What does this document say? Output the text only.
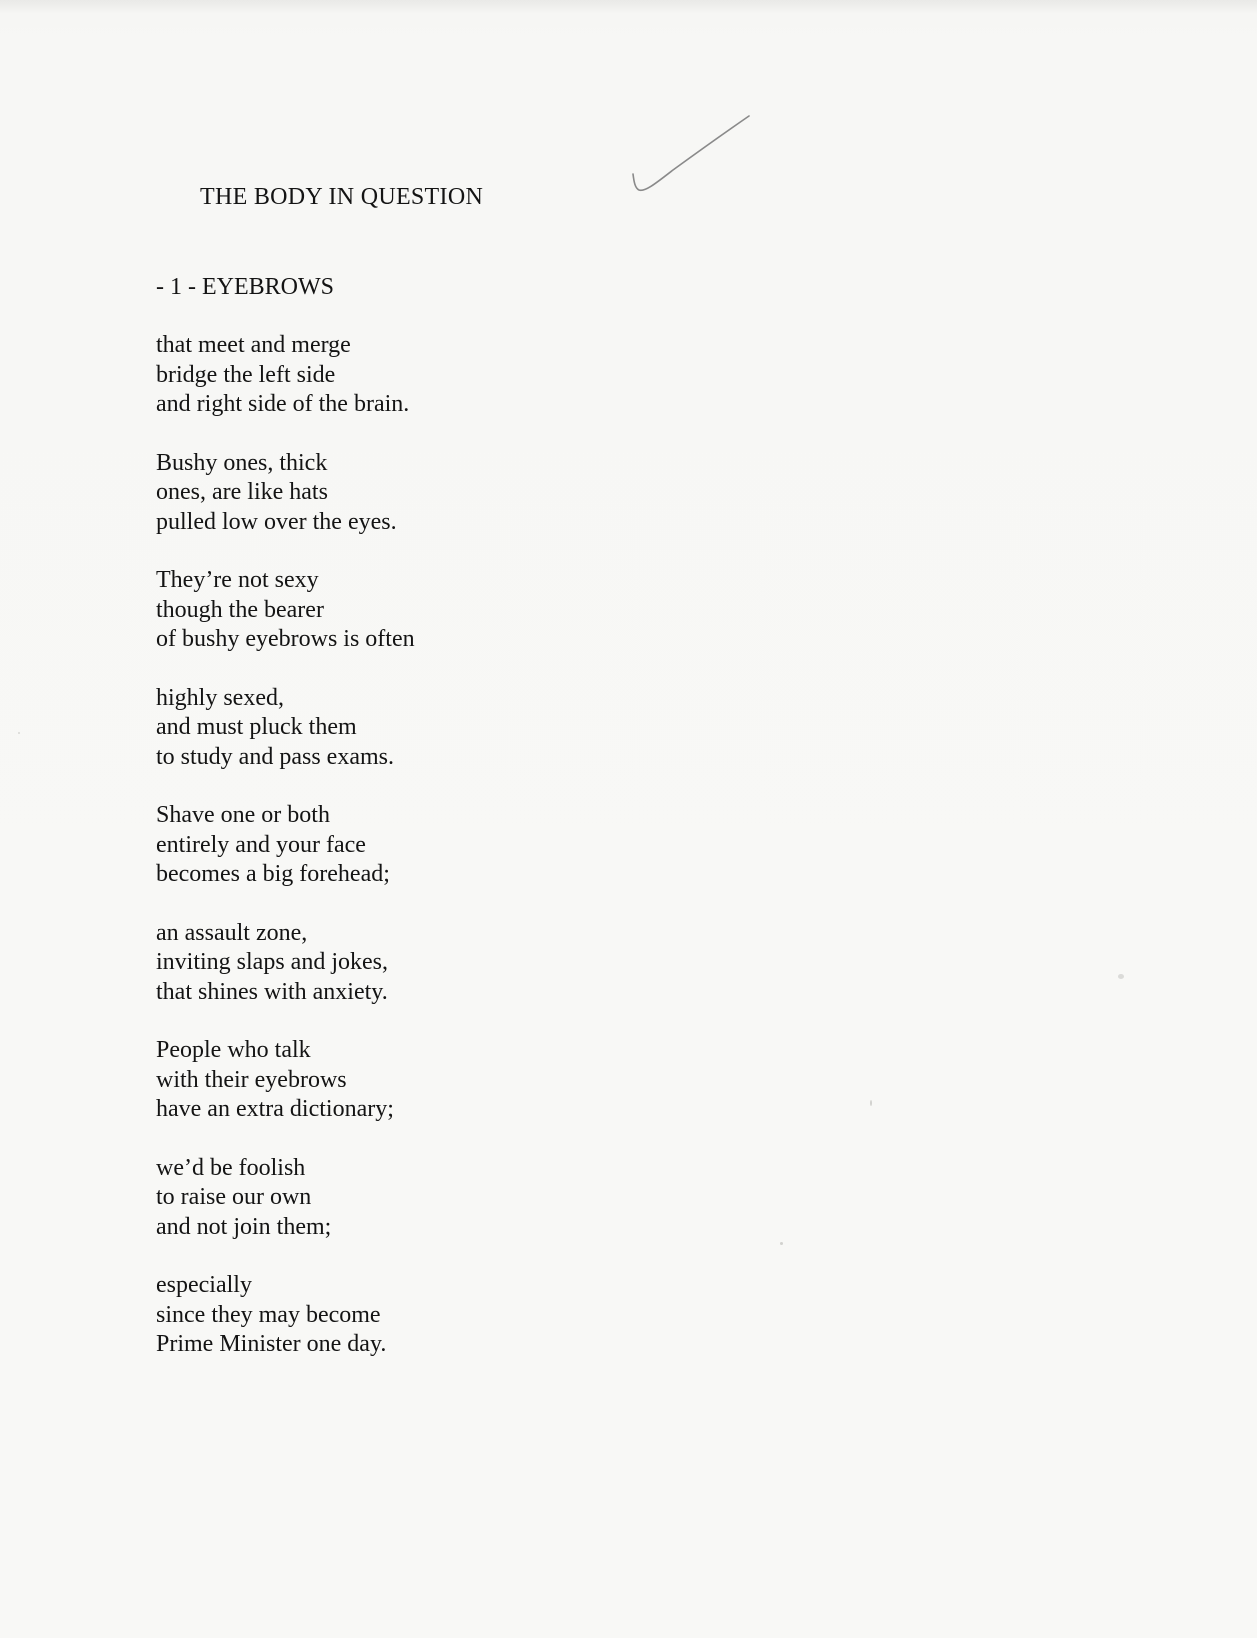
THE BODY IN QUESTION
- 1 - EYEBROWS
that meet and merge
bridge the left side
and right side of the brain.
Bushy ones, thick
ones, are like hats
pulled low over the eyes.
They’re not sexy
though the bearer
of bushy eyebrows is often
highly sexed,
and must pluck them
to study and pass exams.
Shave one or both
entirely and your face
becomes a big forehead;
an assault zone,
inviting slaps and jokes,
that shines with anxiety.
People who talk
with their eyebrows
have an extra dictionary;
we’d be foolish
to raise our own
and not join them;
especially
since they may become
Prime Minister one day.
